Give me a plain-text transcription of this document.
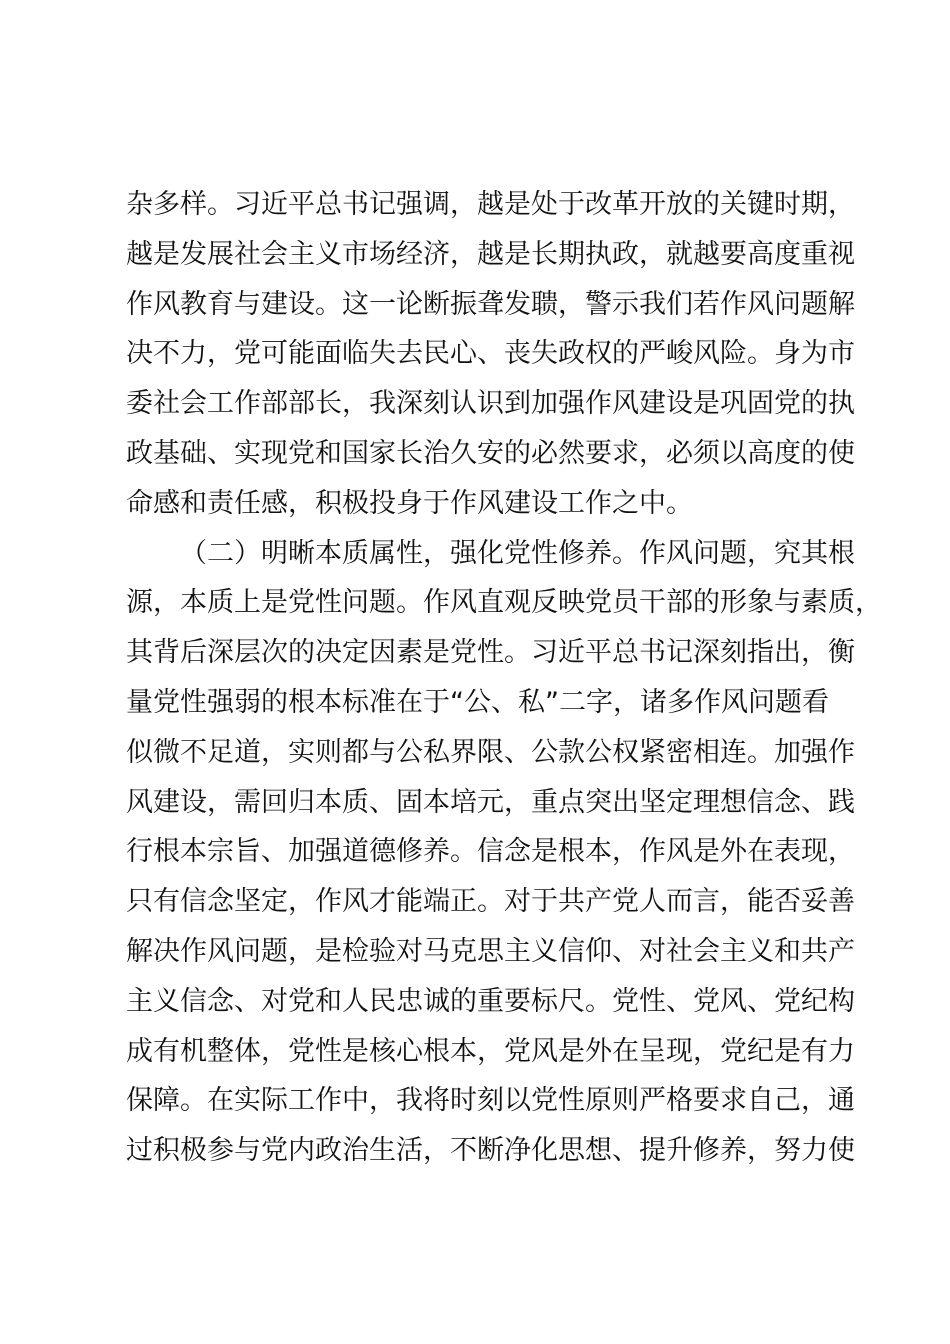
杂多样。习近平总书记强调，越是处于改革开放的关键时期，
越是发展社会主义市场经济，越是长期执政，就越要高度重视
作风教育与建设。这一论断振聋发聩，警示我们若作风问题解
决不力，党可能面临失去民心、丧失政权的严峻风险。身为市
委社会工作部部长，我深刻认识到加强作风建设是巩固党的执
政基础、实现党和国家长治久安的必然要求，必须以高度的使
命感和责任感，积极投身于作风建设工作之中。
（二）明晰本质属性，强化党性修养。作风问题，究其根
源，本质上是党性问题。作风直观反映党员干部的形象与素质，
其背后深层次的决定因素是党性。习近平总书记深刻指出，衡
量党性强弱的根本标准在于“公、私”二字，诸多作风问题看
似微不足道，实则都与公私界限、公款公权紧密相连。加强作
风建设，需回归本质、固本培元，重点突出坚定理想信念、践
行根本宗旨、加强道德修养。信念是根本，作风是外在表现，
只有信念坚定，作风才能端正。对于共产党人而言，能否妥善
解决作风问题，是检验对马克思主义信仰、对社会主义和共产
主义信念、对党和人民忠诚的重要标尺。党性、党风、党纪构
成有机整体，党性是核心根本，党风是外在呈现，党纪是有力
保障。在实际工作中，我将时刻以党性原则严格要求自己，通
过积极参与党内政治生活，不断净化思想、提升修养，努力使
